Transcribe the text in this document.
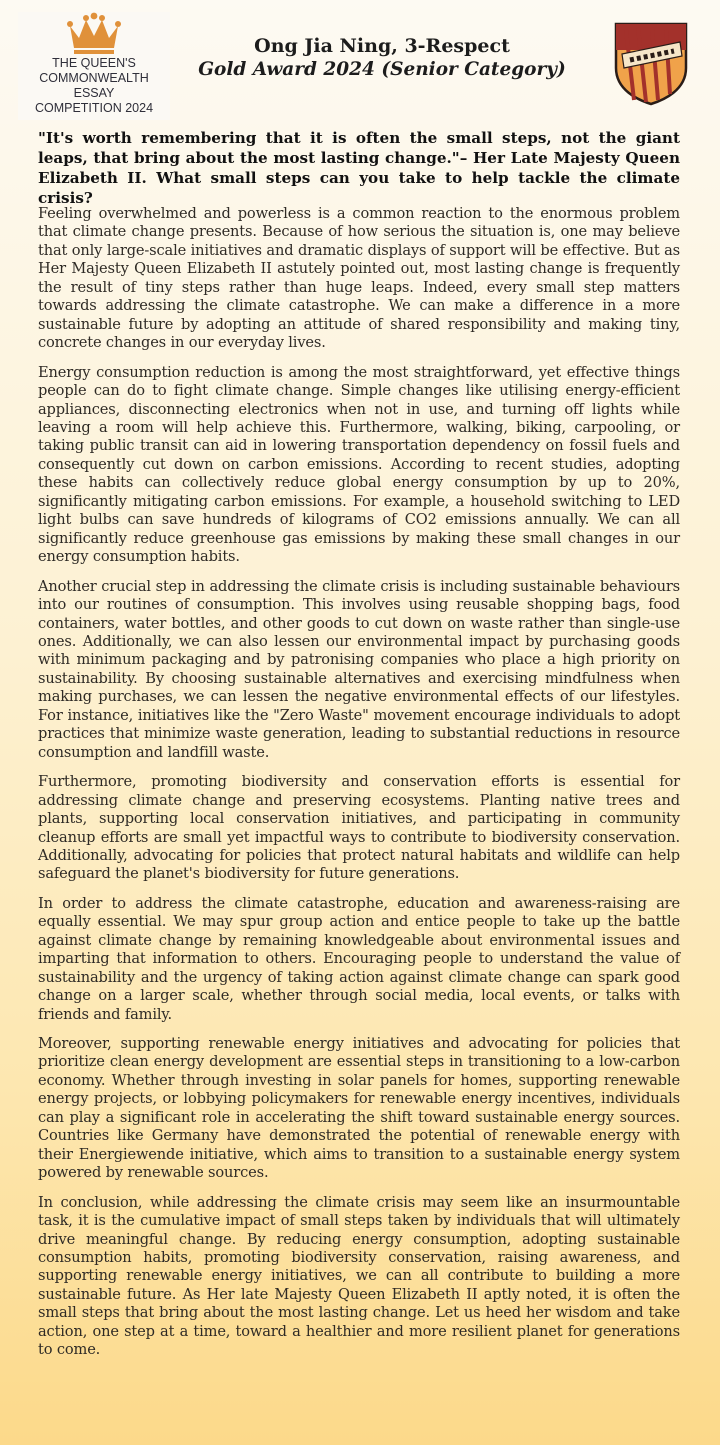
THE QUEEN'S
COMMONWEALTH ESSAY
COMPETITION 2024
Ong Jia Ning, 3-Respect
Gold Award 2024 (Senior Category)

"It's worth remembering that it is often the small steps, not the giant leaps, that bring about the most lasting change."– Her Late Majesty Queen Elizabeth II. What small steps can you take to help tackle the climate crisis?

Feeling overwhelmed and powerless is a common reaction to the enormous problem that climate change presents. Because of how serious the situation is, one may believe that only large-scale initiatives and dramatic displays of support will be effective. But as Her Majesty Queen Elizabeth II astutely pointed out, most lasting change is frequently the result of tiny steps rather than huge leaps. Indeed, every small step matters towards addressing the climate catastrophe. We can make a difference in a more sustainable future by adopting an attitude of shared responsibility and making tiny, concrete changes in our everyday lives.

Energy consumption reduction is among the most straightforward, yet effective things people can do to fight climate change. Simple changes like utilising energy-efficient appliances, disconnecting electronics when not in use, and turning off lights while leaving a room will help achieve this. Furthermore, walking, biking, carpooling, or taking public transit can aid in lowering transportation dependency on fossil fuels and consequently cut down on carbon emissions. According to recent studies, adopting these habits can collectively reduce global energy consumption by up to 20%, significantly mitigating carbon emissions. For example, a household switching to LED light bulbs can save hundreds of kilograms of CO2 emissions annually. We can all significantly reduce greenhouse gas emissions by making these small changes in our energy consumption habits.

Another crucial step in addressing the climate crisis is including sustainable behaviours into our routines of consumption. This involves using reusable shopping bags, food containers, water bottles, and other goods to cut down on waste rather than single-use ones. Additionally, we can also lessen our environmental impact by purchasing goods with minimum packaging and by patronising companies who place a high priority on sustainability. By choosing sustainable alternatives and exercising mindfulness when making purchases, we can lessen the negative environmental effects of our lifestyles. For instance, initiatives like the "Zero Waste" movement encourage individuals to adopt practices that minimize waste generation, leading to substantial reductions in resource consumption and landfill waste.

Furthermore, promoting biodiversity and conservation efforts is essential for addressing climate change and preserving ecosystems. Planting native trees and plants, supporting local conservation initiatives, and participating in community cleanup efforts are small yet impactful ways to contribute to biodiversity conservation. Additionally, advocating for policies that protect natural habitats and wildlife can help safeguard the planet's biodiversity for future generations.

In order to address the climate catastrophe, education and awareness-raising are equally essential. We may spur group action and entice people to take up the battle against climate change by remaining knowledgeable about environmental issues and imparting that information to others. Encouraging people to understand the value of sustainability and the urgency of taking action against climate change can spark good change on a larger scale, whether through social media, local events, or talks with friends and family.

Moreover, supporting renewable energy initiatives and advocating for policies that prioritize clean energy development are essential steps in transitioning to a low-carbon economy. Whether through investing in solar panels for homes, supporting renewable energy projects, or lobbying policymakers for renewable energy incentives, individuals can play a significant role in accelerating the shift toward sustainable energy sources. Countries like Germany have demonstrated the potential of renewable energy with their Energiewende initiative, which aims to transition to a sustainable energy system powered by renewable sources.

In conclusion, while addressing the climate crisis may seem like an insurmountable task, it is the cumulative impact of small steps taken by individuals that will ultimately drive meaningful change. By reducing energy consumption, adopting sustainable consumption habits, promoting biodiversity conservation, raising awareness, and supporting renewable energy initiatives, we can all contribute to building a more sustainable future. As Her late Majesty Queen Elizabeth II aptly noted, it is often the small steps that bring about the most lasting change. Let us heed her wisdom and take action, one step at a time, toward a healthier and more resilient planet for generations to come.
